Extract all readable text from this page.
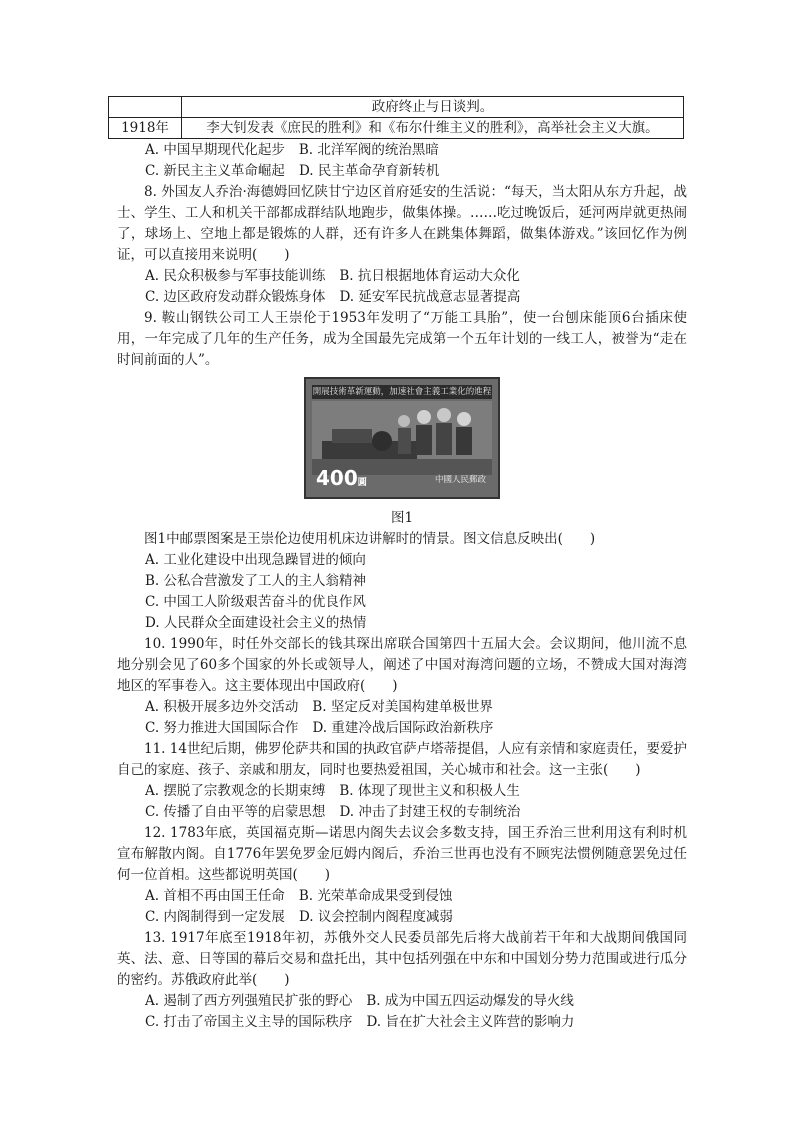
	政府终止与日谈判。
1918年	李大钊发表《庶民的胜利》和《布尔什维主义的胜利》，高举社会主义大旗。

A. 中国早期现代化起步 B. 北洋军阀的统治黑暗

C. 新民主主义革命崛起 D. 民主革命孕育新转机

8. 外国友人乔治·海德姆回忆陕甘宁边区首府延安的生活说：“每天，当太阳从东方升起，战士、学生、工人和机关干部都成群结队地跑步，做集体操。……吃过晚饭后，延河两岸就更热闹了，球场上、空地上都是锻炼的人群，还有许多人在跳集体舞蹈，做集体游戏。”该回忆作为例证，可以直接用来说明(　　)

A. 民众积极参与军事技能训练 B. 抗日根据地体育运动大众化

C. 边区政府发动群众锻炼身体 D. 延安军民抗战意志显著提高

9. 鞍山钢铁公司工人王崇伦于1953年发明了“万能工具胎”，使一台刨床能顶6台插床使用，一年完成了几年的生产任务，成为全国最先完成第一个五年计划的一线工人，被誉为“走在时间前面的人”。

開展技術革新運動，加速社會主義工業化的進程
400圓	中國人民郵政

图1

图1中邮票图案是王崇伦边使用机床边讲解时的情景。图文信息反映出(　　)

A. 工业化建设中出现急躁冒进的倾向

B. 公私合营激发了工人的主人翁精神

C. 中国工人阶级艰苦奋斗的优良作风

D. 人民群众全面建设社会主义的热情

10. 1990年，时任外交部长的钱其琛出席联合国第四十五届大会。会议期间，他川流不息地分别会见了60多个国家的外长或领导人，阐述了中国对海湾问题的立场，不赞成大国对海湾地区的军事卷入。这主要体现出中国政府(　　)

A. 积极开展多边外交活动 B. 坚定反对美国构建单极世界

C. 努力推进大国国际合作 D. 重建冷战后国际政治新秩序

11. 14世纪后期，佛罗伦萨共和国的执政官萨卢塔蒂提倡，人应有亲情和家庭责任，要爱护自己的家庭、孩子、亲戚和朋友，同时也要热爱祖国，关心城市和社会。这一主张(　　)

A. 摆脱了宗教观念的长期束缚 B. 体现了现世主义和积极人生

C. 传播了自由平等的启蒙思想 D. 冲击了封建王权的专制统治

12. 1783年底，英国福克斯—诺思内阁失去议会多数支持，国王乔治三世利用这有利时机宣布解散内阁。自1776年罢免罗金厄姆内阁后，乔治三世再也没有不顾宪法惯例随意罢免过任何一位首相。这些都说明英国(　　)

A. 首相不再由国王任命 B. 光荣革命成果受到侵蚀

C. 内阁制得到一定发展 D. 议会控制内阁程度减弱

13. 1917年底至1918年初，苏俄外交人民委员部先后将大战前若干年和大战期间俄国同英、法、意、日等国的幕后交易和盘托出，其中包括列强在中东和中国划分势力范围或进行瓜分的密约。苏俄政府此举(　　)

A. 遏制了西方列强殖民扩张的野心 B. 成为中国五四运动爆发的导火线

C. 打击了帝国主义主导的国际秩序 D. 旨在扩大社会主义阵营的影响力
